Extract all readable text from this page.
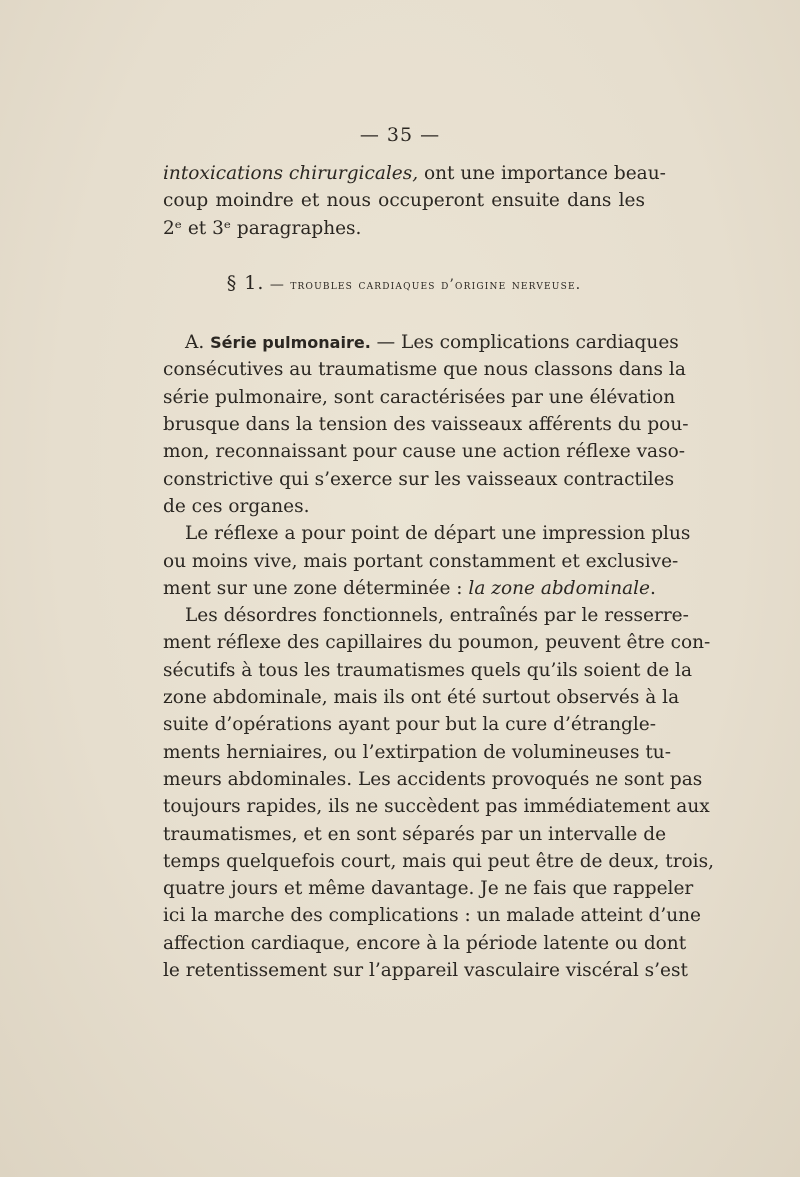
— 35 —
intoxications chirurgicales, ont une importance beau-
coup moindre et nous occuperont ensuite dans les
2ᵉ et 3ᵉ paragraphes.
§ 1. — troubles cardiaques d’origine nerveuse.
A. Série pulmonaire. — Les complications cardiaques
consécutives au traumatisme que nous classons dans la
série pulmonaire, sont caractérisées par une élévation
brusque dans la tension des vaisseaux afférents du pou-
mon, reconnaissant pour cause une action réflexe vaso-
constrictive qui s’exerce sur les vaisseaux contractiles
de ces organes.
Le réflexe a pour point de départ une impression plus
ou moins vive, mais portant constamment et exclusive-
ment sur une zone déterminée : la zone abdominale.
Les désordres fonctionnels, entraînés par le resserre-
ment réflexe des capillaires du poumon, peuvent être con-
sécutifs à tous les traumatismes quels qu’ils soient de la
zone abdominale, mais ils ont été surtout observés à la
suite d’opérations ayant pour but la cure d’étrangle-
ments herniaires, ou l’extirpation de volumineuses tu-
meurs abdominales. Les accidents provoqués ne sont pas
toujours rapides, ils ne succèdent pas immédiatement aux
traumatismes, et en sont séparés par un intervalle de
temps quelquefois court, mais qui peut être de deux, trois,
quatre jours et même davantage. Je ne fais que rappeler
ici la marche des complications : un malade atteint d’une
affection cardiaque, encore à la période latente ou dont
le retentissement sur l’appareil vasculaire viscéral s’est
